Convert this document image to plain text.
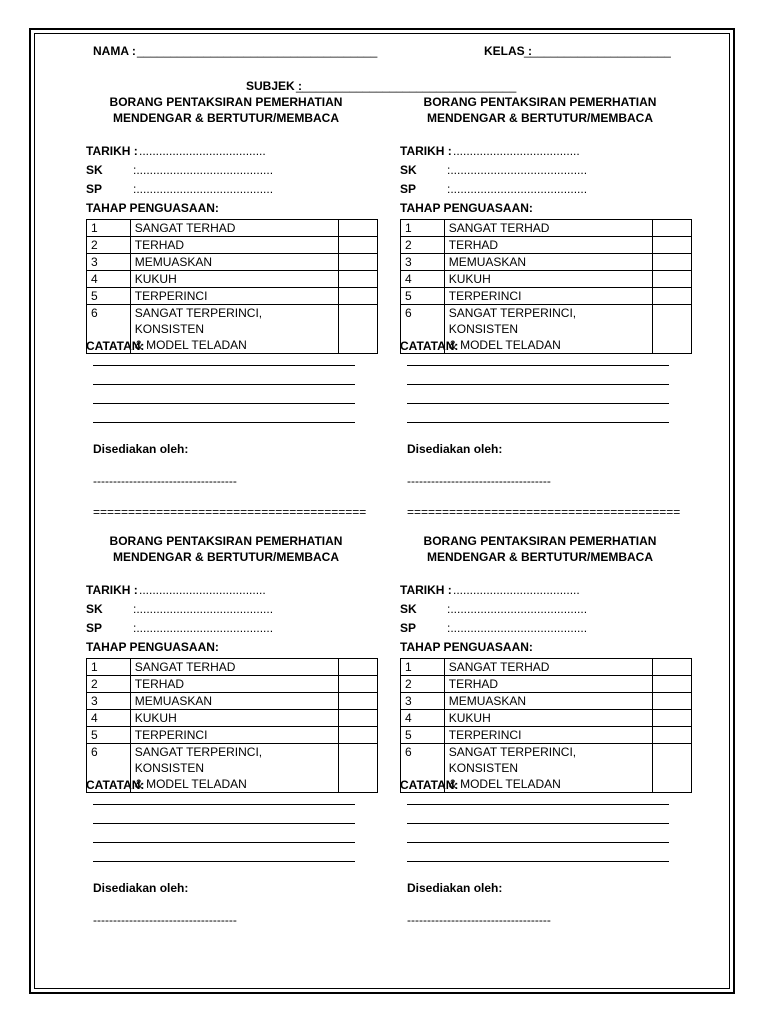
NAMA : ____________________________________	KELAS :
______________________
SUBJEK :
_________________________________
BORANG PENTAKSIRAN PEMERHATIAN
MENDENGAR & BERTUTUR/MEMBACA
TARIKH : ......................................
SK	:.........................................
SP	:.........................................
TAHAP PENGUASAAN:
1	SANGAT TERHAD	
2	TERHAD	
3	MEMUASKAN	
4	KUKUH	
5	TERPERINCI	
6	SANGAT TERPERINCI, KONSISTEN
& MODEL TELADAN	

CATATAN:
Disediakan oleh:
------------------------------------
BORANG PENTAKSIRAN PEMERHATIAN
MENDENGAR & BERTUTUR/MEMBACA
TARIKH : ......................................
SK	:.........................................
SP	:.........................................
TAHAP PENGUASAAN:
1	SANGAT TERHAD	
2	TERHAD	
3	MEMUASKAN	
4	KUKUH	
5	TERPERINCI	
6	SANGAT TERPERINCI, KONSISTEN
& MODEL TELADAN	

CATATAN:
Disediakan oleh:
------------------------------------
=======================================	=======================================
BORANG PENTAKSIRAN PEMERHATIAN
MENDENGAR & BERTUTUR/MEMBACA
TARIKH : ......................................
SK	:.........................................
SP	:.........................................
TAHAP PENGUASAAN:
1	SANGAT TERHAD	
2	TERHAD	
3	MEMUASKAN	
4	KUKUH	
5	TERPERINCI	
6	SANGAT TERPERINCI, KONSISTEN
& MODEL TELADAN	

CATATAN:
Disediakan oleh:
------------------------------------
BORANG PENTAKSIRAN PEMERHATIAN
MENDENGAR & BERTUTUR/MEMBACA
TARIKH : ......................................
SK	:.........................................
SP	:.........................................
TAHAP PENGUASAAN:
1	SANGAT TERHAD	
2	TERHAD	
3	MEMUASKAN	
4	KUKUH	
5	TERPERINCI	
6	SANGAT TERPERINCI, KONSISTEN
& MODEL TELADAN	

CATATAN:
Disediakan oleh:
------------------------------------
